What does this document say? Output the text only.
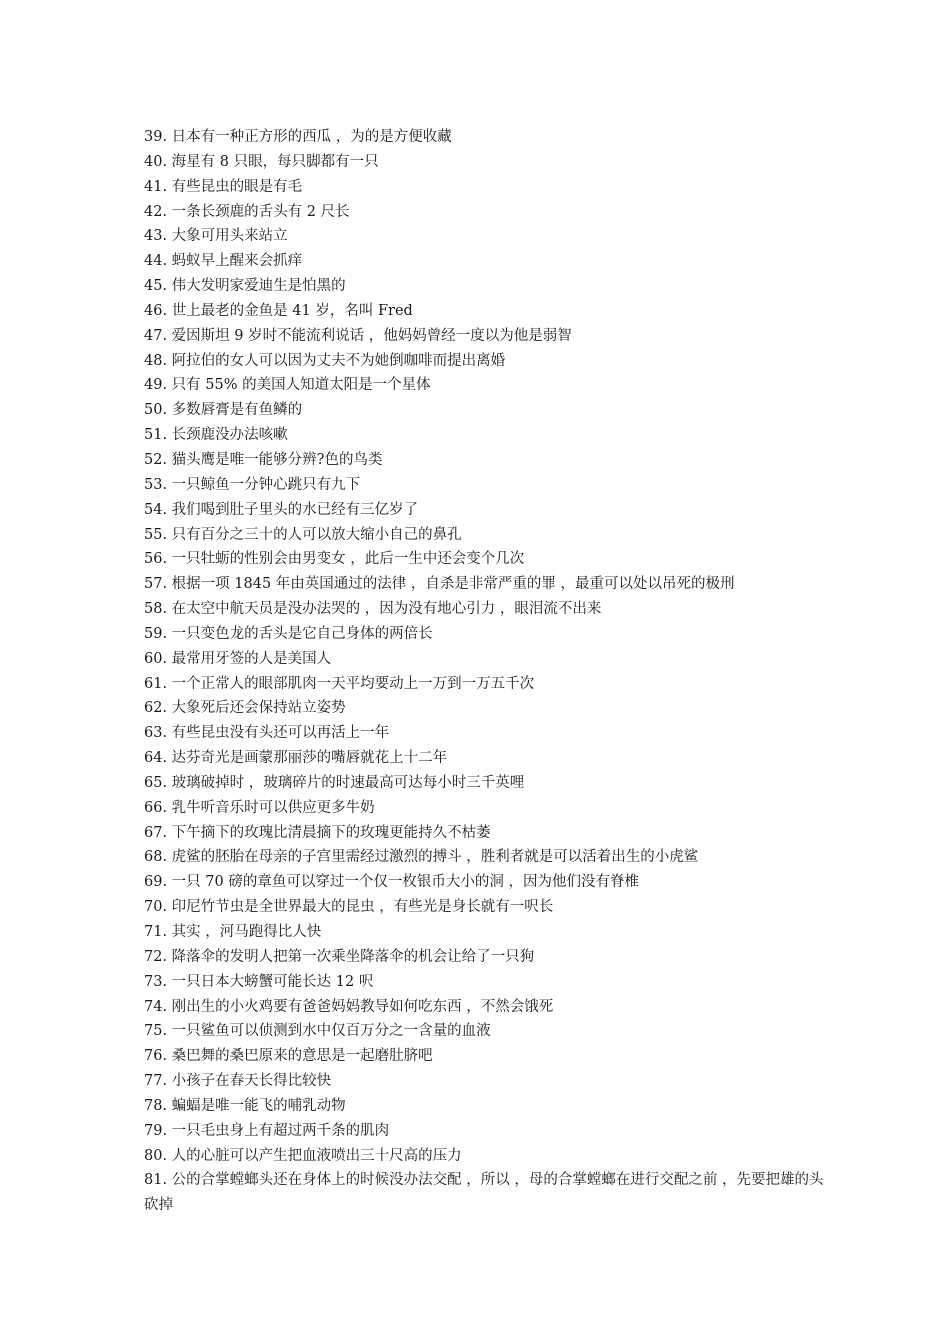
39. 日本有一种正方形的西瓜 ，为的是方便收藏

40. 海星有 8 只眼，每只脚都有一只

41. 有些昆虫的眼是有毛

42. 一条长颈鹿的舌头有 2 尺长

43. 大象可用头来站立

44. 蚂蚁早上醒来会抓痒

45. 伟大发明家爱迪生是怕黑的

46. 世上最老的金鱼是 41 岁，名叫 Fred

47. 爱因斯坦 9 岁时不能流利说话 ，他妈妈曾经一度以为他是弱智

48. 阿拉伯的女人可以因为丈夫不为她倒咖啡而提出离婚

49. 只有 55% 的美国人知道太阳是一个星体

50. 多数唇膏是有鱼鳞的

51. 长颈鹿没办法咳嗽

52. 猫头鹰是唯一能够分辨?色的鸟类

53. 一只鲸鱼一分钟心跳只有九下

54. 我们喝到肚子里头的水已经有三亿岁了

55. 只有百分之三十的人可以放大缩小自己的鼻孔

56. 一只牡蛎的性别会由男变女 ，此后一生中还会变个几次

57. 根据一项 1845 年由英国通过的法律 ，自杀是非常严重的罪 ，最重可以处以吊死的极刑

58. 在太空中航天员是没办法哭的 ，因为没有地心引力 ，眼泪流不出来

59. 一只变色龙的舌头是它自己身体的两倍长

60. 最常用牙签的人是美国人

61. 一个正常人的眼部肌肉一天平均要动上一万到一万五千次

62. 大象死后还会保持站立姿势

63. 有些昆虫没有头还可以再活上一年

64. 达芬奇光是画蒙那丽莎的嘴唇就花上十二年

65. 玻璃破掉时 ，玻璃碎片的时速最高可达每小时三千英哩

66. 乳牛听音乐时可以供应更多牛奶

67. 下午摘下的玫瑰比清晨摘下的玫瑰更能持久不枯萎

68. 虎鲨的胚胎在母亲的子宫里需经过激烈的搏斗 ，胜利者就是可以活着出生的小虎鲨

69. 一只 70 磅的章鱼可以穿过一个仅一枚银币大小的洞 ，因为他们没有脊椎

70. 印尼竹节虫是全世界最大的昆虫 ，有些光是身长就有一呎长

71. 其实 ，河马跑得比人快

72. 降落伞的发明人把第一次乘坐降落伞的机会让给了一只狗

73. 一只日本大螃蟹可能长达 12 呎

74. 刚出生的小火鸡要有爸爸妈妈教导如何吃东西 ，不然会饿死

75. 一只鲨鱼可以侦测到水中仅百万分之一含量的血液

76. 桑巴舞的桑巴原来的意思是一起磨肚脐吧

77. 小孩子在春天长得比较快

78. 蝙蝠是唯一能飞的哺乳动物

79. 一只毛虫身上有超过两千条的肌肉

80. 人的心脏可以产生把血液喷出三十尺高的压力

81. 公的合掌螳螂头还在身体上的时候没办法交配 ，所以 ，母的合掌螳螂在进行交配之前 ，先要把雄的头砍掉
